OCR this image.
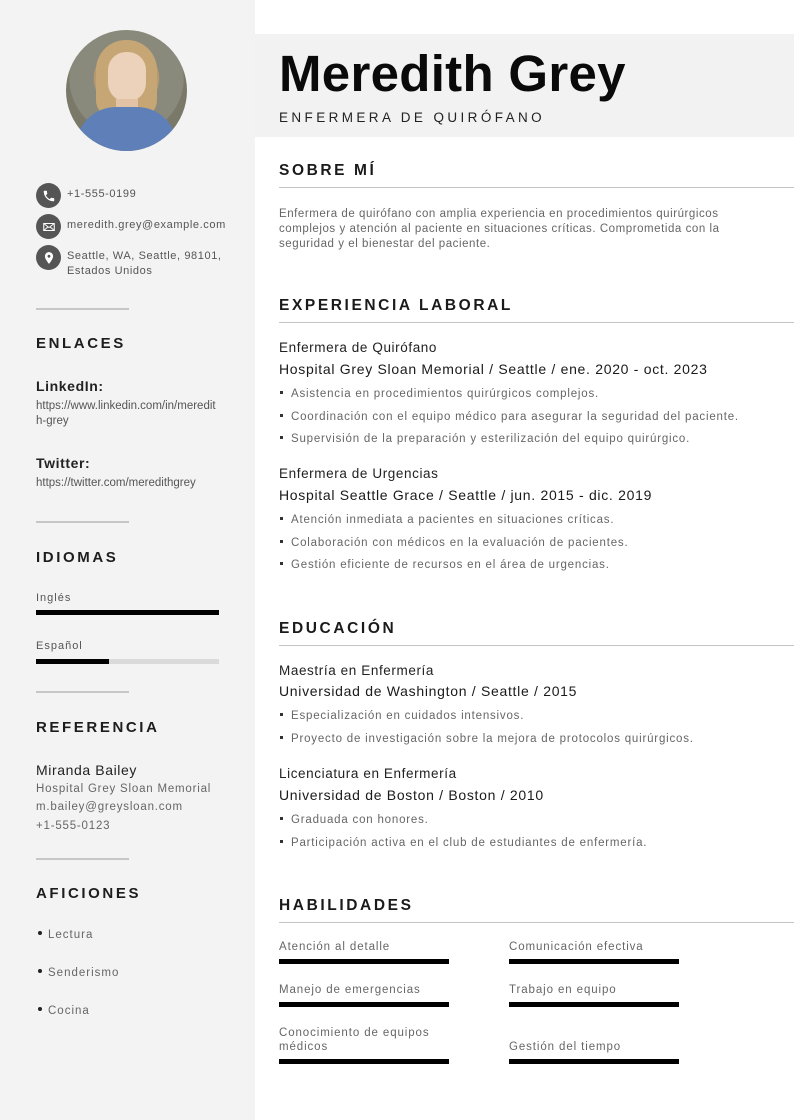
+1-555-0199
meredith.grey@example.com
Seattle, WA, Seattle, 98101, Estados Unidos
ENLACES
LinkedIn:
https://www.linkedin.com/in/meredith-grey
Twitter:
https://twitter.com/meredithgrey
IDIOMAS
Inglés
Español
REFERENCIA
Miranda Bailey
Hospital Grey Sloan Memorial
m.bailey@greysloan.com
+1-555-0123
AFICIONES
Lectura
Senderismo
Cocina
Meredith Grey
ENFERMERA DE QUIRÓFANO
SOBRE MÍ

Enfermera de quirófano con amplia experiencia en procedimientos quirúrgicos complejos y atención al paciente en situaciones críticas. Comprometida con la seguridad y el bienestar del paciente.

EXPERIENCIA LABORAL
Enfermera de Quirófano
Hospital Grey Sloan Memorial / Seattle / ene. 2020 - oct. 2023
Asistencia en procedimientos quirúrgicos complejos.
Coordinación con el equipo médico para asegurar la seguridad del paciente.
Supervisión de la preparación y esterilización del equipo quirúrgico.
Enfermera de Urgencias
Hospital Seattle Grace / Seattle / jun. 2015 - dic. 2019
Atención inmediata a pacientes en situaciones críticas.
Colaboración con médicos en la evaluación de pacientes.
Gestión eficiente de recursos en el área de urgencias.
EDUCACIÓN
Maestría en Enfermería
Universidad de Washington / Seattle / 2015
Especialización en cuidados intensivos.
Proyecto de investigación sobre la mejora de protocolos quirúrgicos.
Licenciatura en Enfermería
Universidad de Boston / Boston / 2010
Graduada con honores.
Participación activa en el club de estudiantes de enfermería.
HABILIDADES
Atención al detalle	Comunicación efectiva
Manejo de emergencias	Trabajo en equipo
Conocimiento de equipos médicos	Gestión del tiempo
